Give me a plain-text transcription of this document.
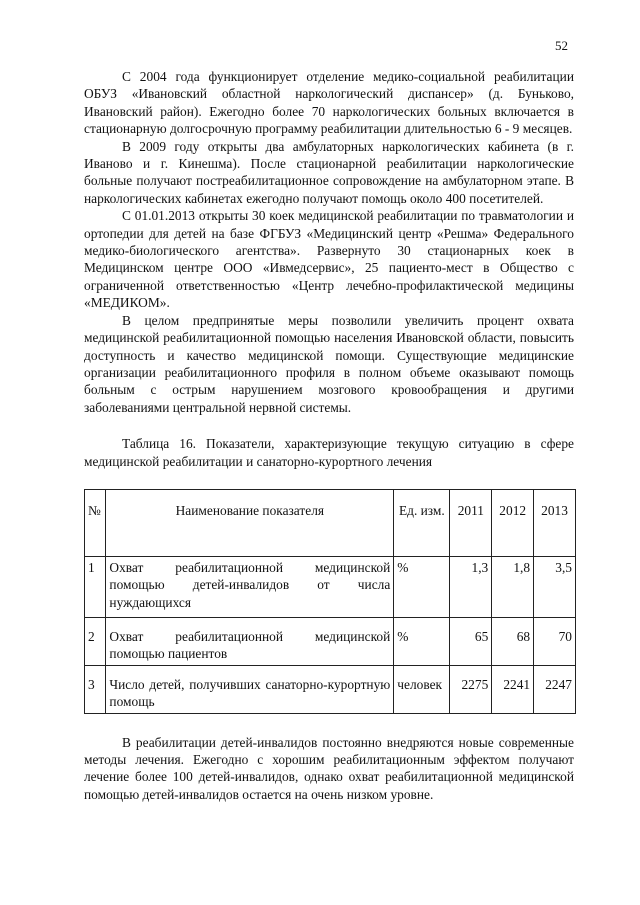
52

С 2004 года функционирует отделение медико-социальной реабилитации ОБУЗ «Ивановский областной наркологический диспансер» (д. Буньково, Ивановский район). Ежегодно более 70 наркологических больных включается в стационарную долгосрочную программу реабилитации длительностью 6 - 9 месяцев.

В 2009 году открыты два амбулаторных наркологических кабинета (в г. Иваново и г. Кинешма). После стационарной реабилитации наркологические больные получают постреабилитационное сопровождение на амбулаторном этапе. В наркологических кабинетах ежегодно получают помощь около 400 посетителей.

С 01.01.2013 открыты 30 коек медицинской реабилитации по травматологии и ортопедии для детей на базе ФГБУЗ «Медицинский центр «Решма» Федерального медико-биологического агентства». Развернуто 30 стационарных коек в Медицинском центре ООО «Ивмедсервис», 25 пациенто-мест в Общество с ограниченной ответственностью «Центр лечебно-профилактической медицины «МЕДИКОМ».

В целом предпринятые меры позволили увеличить процент охвата медицинской реабилитационной помощью населения Ивановской области, повысить доступность и качество медицинской помощи. Существующие медицинские организации реабилитационного профиля в полном объеме оказывают помощь больным с острым нарушением мозгового кровообращения и другими заболеваниями центральной нервной системы.

Таблица 16. Показатели, характеризующие текущую ситуацию в сфере медицинской реабилитации и санаторно-курортного лечения

№	Наименование показателя	Ед. изм.	2011	2012	2013
1	Охват реабилитационной медицинской помощью детей-инвалидов от числа нуждающихся	%	1,3	1,8	3,5
2	Охват реабилитационной медицинской помощью пациентов	%	65	68	70
3	Число детей, получивших санаторно-курортную помощь	человек	2275	2241	2247

В реабилитации детей-инвалидов постоянно внедряются новые современные методы лечения. Ежегодно с хорошим реабилитационным эффектом получают лечение более 100 детей-инвалидов, однако охват реабилитационной медицинской помощью детей-инвалидов остается на очень низком уровне.
